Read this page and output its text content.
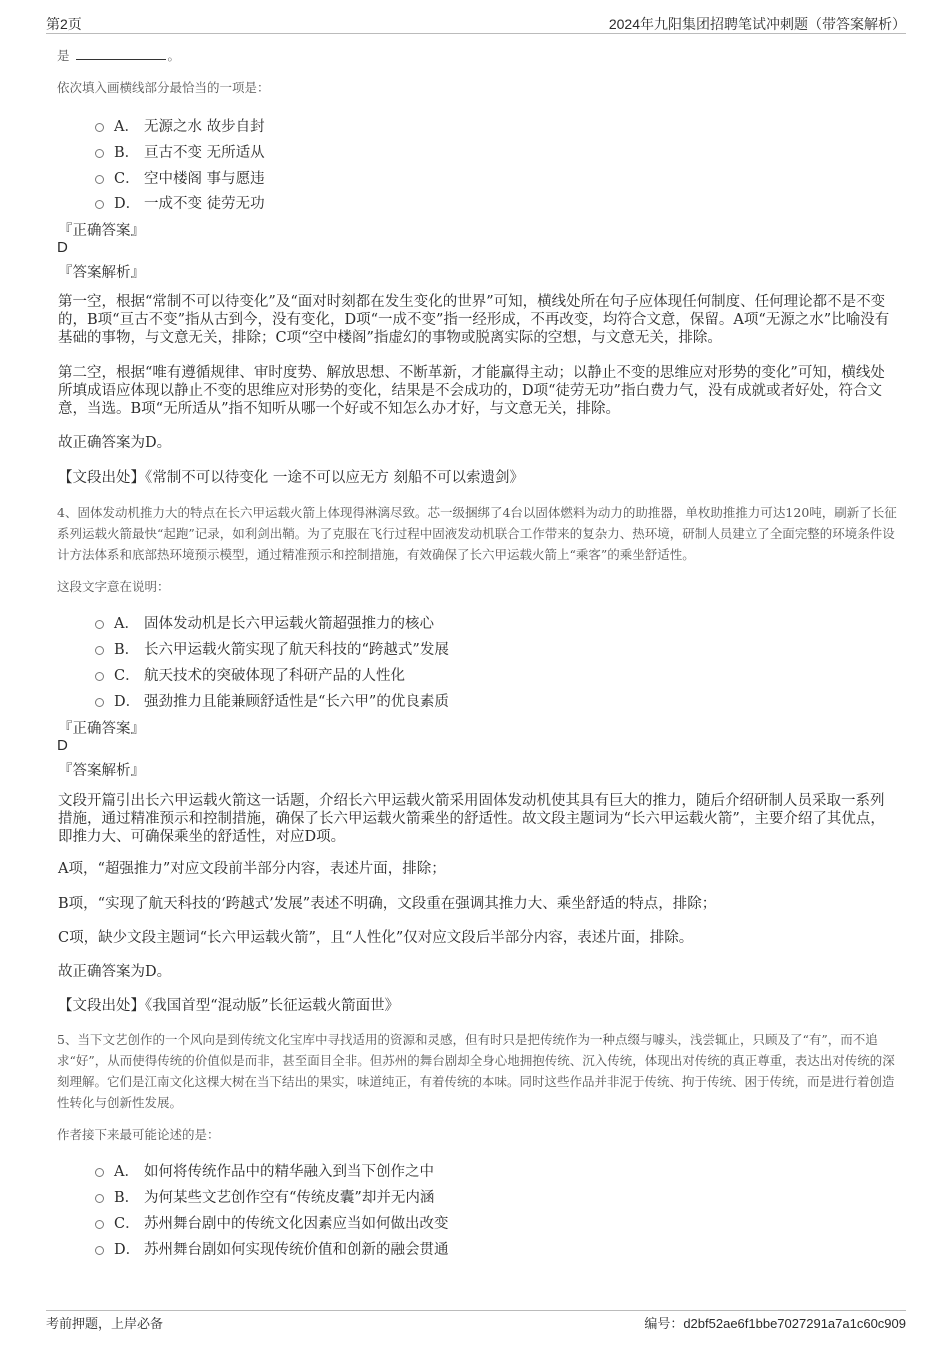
第2页	2024年九阳集团招聘笔试冲刺题（带答案解析）
是	。
依次填入画横线部分最恰当的一项是：
A． 无源之水 故步自封
B． 亘古不变 无所适从
C． 空中楼阁 事与愿违
D． 一成不变 徒劳无功
『正确答案』
D
『答案解析』
第一空，根据“常制不可以待变化”及“面对时刻都在发生变化的世界”可知，横线处所在句子应体现任何制度、任何理论都不是不变的，B项“亘古不变”指从古到今，没有变化，D项“一成不变”指一经形成，不再改变，均符合文意，保留。A项“无源之水”比喻没有基础的事物，与文意无关，排除；C项“空中楼阁”指虚幻的事物或脱离实际的空想，与文意无关，排除。
第二空，根据“唯有遵循规律、审时度势、解放思想、不断革新，才能赢得主动；以静止不变的思维应对形势的变化”可知，横线处所填成语应体现以静止不变的思维应对形势的变化，结果是不会成功的，D项“徒劳无功”指白费力气，没有成就或者好处，符合文意，当选。B项“无所适从”指不知听从哪一个好或不知怎么办才好，与文意无关，排除。
故正确答案为D。
【文段出处】《常制不可以待变化 一途不可以应无方 刻船不可以索遗剑》
4、固体发动机推力大的特点在长六甲运载火箭上体现得淋漓尽致。芯一级捆绑了4台以固体燃料为动力的助推器，单枚助推推力可达120吨，刷新了长征系列运载火箭最快“起跑”记录，如利剑出鞘。为了克服在飞行过程中固液发动机联合工作带来的复杂力、热环境，研制人员建立了全面完整的环境条件设计方法体系和底部热环境预示模型，通过精准预示和控制措施，有效确保了长六甲运载火箭上“乘客”的乘坐舒适性。
这段文字意在说明：
A． 固体发动机是长六甲运载火箭超强推力的核心
B． 长六甲运载火箭实现了航天科技的“跨越式”发展
C． 航天技术的突破体现了科研产品的人性化
D． 强劲推力且能兼顾舒适性是“长六甲”的优良素质
『正确答案』
D
『答案解析』
文段开篇引出长六甲运载火箭这一话题，介绍长六甲运载火箭采用固体发动机使其具有巨大的推力，随后介绍研制人员采取一系列措施，通过精准预示和控制措施，确保了长六甲运载火箭乘坐的舒适性。故文段主题词为“长六甲运载火箭”，主要介绍了其优点，即推力大、可确保乘坐的舒适性，对应D项。
A项，“超强推力”对应文段前半部分内容，表述片面，排除；
B项，“实现了航天科技的‘跨越式’发展”表述不明确，文段重在强调其推力大、乘坐舒适的特点，排除；
C项，缺少文段主题词“长六甲运载火箭”，且“人性化”仅对应文段后半部分内容，表述片面，排除。
故正确答案为D。
【文段出处】《我国首型“混动版”长征运载火箭面世》
5、当下文艺创作的一个风向是到传统文化宝库中寻找适用的资源和灵感，但有时只是把传统作为一种点缀与噱头，浅尝辄止，只顾及了“有”，而不追求“好”，从而使得传统的价值似是而非，甚至面目全非。但苏州的舞台剧却全身心地拥抱传统、沉入传统，体现出对传统的真正尊重，表达出对传统的深刻理解。它们是江南文化这棵大树在当下结出的果实，味道纯正，有着传统的本味。同时这些作品并非泥于传统、拘于传统、困于传统，而是进行着创造性转化与创新性发展。
作者接下来最可能论述的是：
A． 如何将传统作品中的精华融入到当下创作之中
B． 为何某些文艺创作空有“传统皮囊”却并无内涵
C． 苏州舞台剧中的传统文化因素应当如何做出改变
D． 苏州舞台剧如何实现传统价值和创新的融会贯通
考前押题，上岸必备	编号：d2bf52ae6f1bbe7027291a7a1c60c909
